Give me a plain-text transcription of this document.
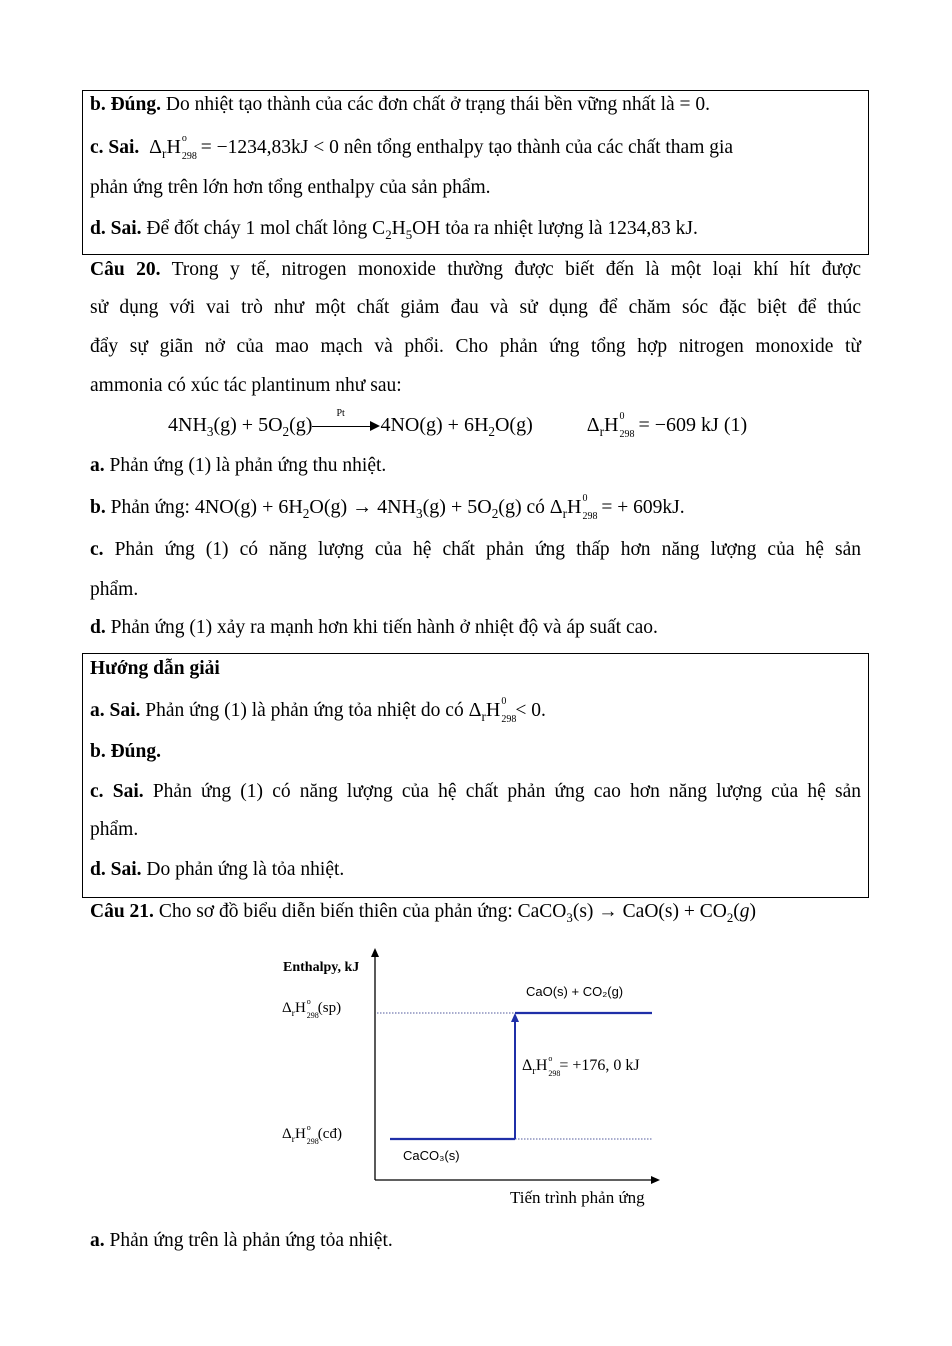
b. Đúng. Do nhiệt tạo thành của các đơn chất ở trạng thái bền vững nhất là = 0.
c. Sai.  $\Delta_rH$ o
298 = −1234,83kJ < 0 nên tổng enthalpy tạo thành của các chất tham gia
phản ứng trên lớn hơn tổng enthalpy của sản phẩm.
d. Sai. Để đốt cháy 1 mol chất lỏng $C_2H_5OH$ tỏa ra nhiệt lượng là 1234,83 kJ.
Câu 20. Trong y tế, nitrogen monoxide thường được biết đến là một loại khí hít được
sử dụng với vai trò như một chất giảm đau và sử dụng để chăm sóc đặc biệt để thúc
đẩy sự giãn nở của mao mạch và phổi. Cho phản ứng tổng hợp nitrogen monoxide từ
ammonia có xúc tác plantinum như sau:
$4NH_3(g) + 5O_2(g)$
Pt
$4NO(g) + 6H_2O(g)$  $\Delta_rH$ 0
298 = −609 kJ (1)
a. Phản ứng (1) là phản ứng thu nhiệt.
b. Phản ứng: $4NO(g) + 6H_2O(g) \to 4NH_3(g) + 5O_2(g)$ có $\Delta_rH$ 0
298 = + 609kJ.
c. Phản ứng (1) có năng lượng của hệ chất phản ứng thấp hơn năng lượng của hệ sản
phẩm.
d. Phản ứng (1) xảy ra mạnh hơn khi tiến hành ở nhiệt độ và áp suất cao.
Hướng dẫn giải
a. Sai. Phản ứng (1) là phản ứng tỏa nhiệt do có $\Delta_rH$ 0
298 < 0.
b. Đúng.
c. Sai. Phản ứng (1) có năng lượng của hệ chất phản ứng cao hơn năng lượng của hệ sản
phẩm.
d. Sai. Do phản ứng là tỏa nhiệt.
Câu 21. Cho sơ đồ biểu diễn biến thiên của phản ứng: CaCO$_3$(s) → $CaO(s) + CO_2(g)$
Enthalpy, kJ
Tiến trình phản ứng
$\Delta_rH$ o
298 (sp)
$\Delta_rH$ o
298 (cđ)
CaO(s) + CO₂(g)
CaCO₃(s)
$\Delta_rH$ o
298 = +176, 0 kJ
a. Phản ứng trên là phản ứng tỏa nhiệt.
